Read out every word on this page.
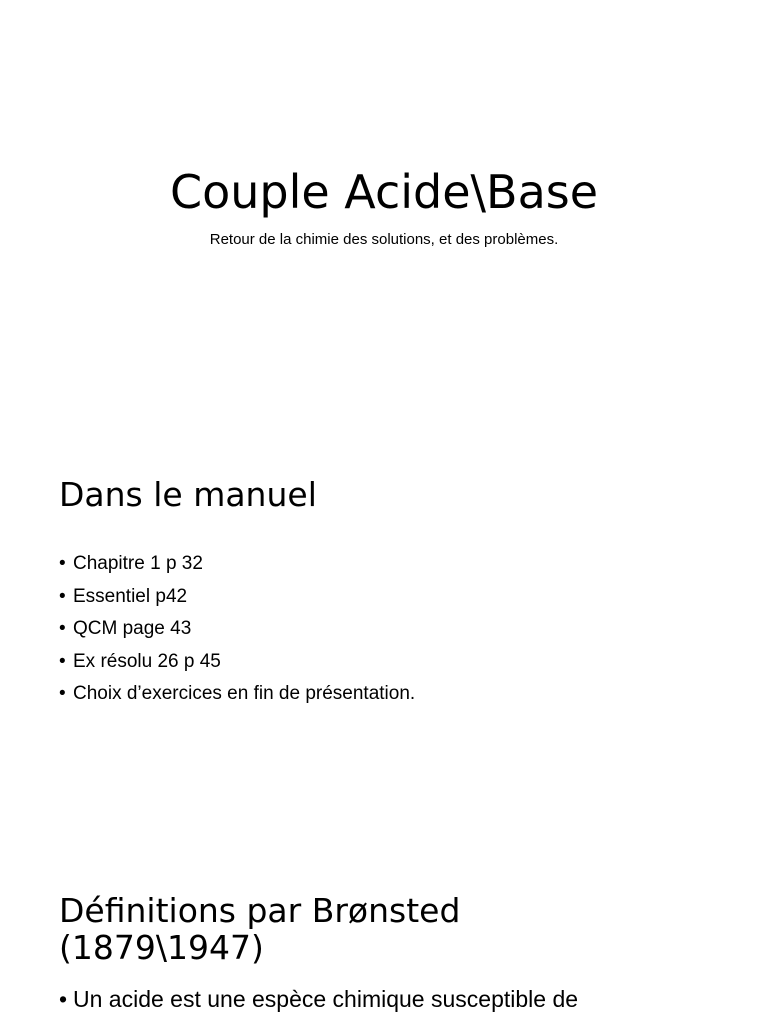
Couple Acide\Base

Retour de la chimie des solutions, et des problèmes.

Dans le manuel
• Chapitre 1 p 32
• Essentiel p42
• QCM page 43
• Ex résolu 26 p 45
• Choix d’exercices en fin de présentation.
Définitions par Brønsted
(1879\1947)
• Un acide est une espèce chimique susceptible de
